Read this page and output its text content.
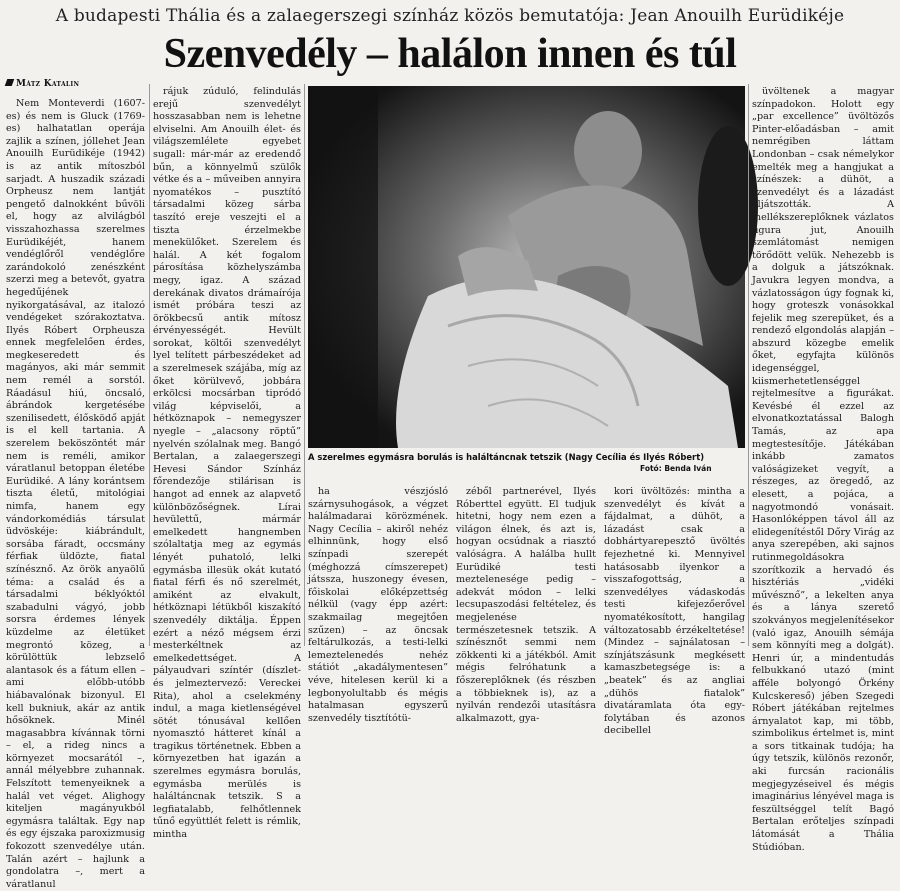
A budapesti Thália és a zalaegerszegi színház közös bemutatója: Jean Anouilh Eurüdikéje
Szenvedély – halálon innen és túl
Mátz Katalin

Nem Monteverdi (1607-es) és nem is Gluck (1769-es) halhatatlan operája zajlik a színen, jóllehet Jean Anouilh Eurüdikéje (1942) is az antik mítoszból sarjadt. A huszadik századi Orpheusz nem lantját pengető dalnokként bűvöli el, hogy az alvilágból visszahozhassa szerelmes Eurüdikéjét, hanem vendéglőről vendéglőre zarándokoló zenészként szerzi meg a betevőt, gyatra hegedűjének nyikorgatásával, az italozó vendégeket szórakoztatva. Ilyés Róbert Orpheusza ennek megfelelően érdes, megkeseredett és magányos, aki már semmit nem remél a sorstól. Ráadásul hiú, öncsaló, ábrándok kergetésébe szenilisedett, élősködő apját is el kell tartania. A szerelem beköszöntét már nem is reméli, amikor váratlanul betoppan életébe Eurüdiké. A lány korántsem tiszta életű, mitológiai nimfa, hanem egy vándorkomédiás társulat üdvöskéje: kiábrándult, sorsába fáradt, occsmány férfiak üldözte, fiatal színésznő. Az örök anyaölű téma: a család és a társadalmi béklyóktól szabadulni vágyó, jobb sorsra érdemes lények küzdelme az életüket megrontó közeg, a körülöttük lebzselő alantasok és a fátum ellen – ami előbb-utóbb hiábavalónak bizonyul. El kell bukniuk, akár az antik hősöknek. Minél magasabbra kívánnak törni – el, a rideg nincs a környezet mocsarától –, annál mélyebbre zuhannak. Felszított temenyeiknek a halál vet véget. Alighogy kiteljen magányukból egymásra találtak. Egy nap és egy éjszaka paroxizmusig fokozott szenvedélye után. Talán azért – hajlunk a gondolatra –, mert a váratlanul

rájuk zúduló, felindulás erejű szenvedélyt hosszasabban nem is lehetne elviselni. Am Anouilh élet- és világszemlélete egyebet sugall: már-már az eredendő bűn, a könnyelmű szülők vétke és a – műveiben annyira nyomatékos – pusztító társadalmi közeg sárba taszító ereje veszejti el a tiszta érzelmekbe menekülőket. Szerelem és halál. A két fogalom párosítása közhelyszámba megy, igaz. A század derekának divatos drámaírója ismét próbára teszi az örökbecsű antik mítosz érvényességét. Hevült sorokat, költői szenvedélyt lyel telített párbeszédeket ad a szerelmesek szájába, míg az őket körülvevő, jobbára erkölcsi mocsárban tipródó világ képviselői, a hétköznapok – nemegyszer nyegle – „alacsony röptű” nyelvén szólalnak meg. Bangó Bertalan, a zalaegerszegi Hevesi Sándor Színház főrendezője stilárisan is hangot ad ennek az alapvető különbözőségnek. Lírai hevülettű, mármár emelkedett hangnemben szólaltatja meg az egymás lényét puhatoló, lelki egymásba illesük okát kutató fiatal férfi és nő szerelmét, amiként az elvakult, hétköznapi létükből kiszakító szenvedély diktálja. Éppen ezért a néző mégsem érzi mesterkéltnek az emelkedettséget. A pályaudvari színtér (díszlet- és jelmeztervező: Vereckei Rita), ahol a cselekmény indul, a maga kietlenségével sötét tónusával kellően nyomasztó hátteret kínál a tragikus történetnek. Ebben a környezetben hat igazán a szerelmes egymásra borulás, egymásba merülés is haláltáncnak tetszik. S a legfiatalabb, felhőtlennek tűnő együttlét felett is rémlik, mintha

A szerelmes egymásra borulás is haláltáncnak tetszik (Nagy Cecília és Ilyés Róbert)
Fotó: Benda Iván

ha vészjósló szárnysuhogások, a végzet halálmadarai körözmének. Nagy Cecília – akiről nehéz elhinnünk, hogy első színpadi szerepét (méghozzá címszerepet) játssza, huszonegy évesen, főiskolai előképzettség nélkül (vagy épp azért: szakmailag megejtően szűzen) – az öncsak feltárulkozás, a testi-lelki lemeztelenedés nehéz státiót „akadálymentesen” véve, hitelesen kerül ki a legbonyolultabb és mégis hatalmasan egyszerű szenvedély tisztítótü-

zéből partnerével, Ilyés Róberttel együtt. El tudjuk hitetni, hogy nem ezen a világon élnek, és azt is, hogyan ocsúdnak a riasztó valóságra. A halálba hullt Eurüdiké testi meztelenesége pedig – adekvát módon – lelki lecsupaszodási feltételez, és megjelenése természetesnek tetszik. A színésznőt semmi nem zökkenti ki a játékból. Amit mégis felróhatunk a főszereplőknek (és részben a többieknek is), az a nyilván rendezői utasításra alkalmazott, gya-

kori üvöltözés: mintha a szenvedélyt és kívát a fájdalmat, a dühöt, a lázadást csak a dobhártyarepesztő üvöltés fejezhetné ki. Mennyivel hatásosabb ilyenkor a visszafogottság, a szenvedélyes vádaskodás testi kifejezőerővel nyomatékosított, hangilag változatosabb érzékeltetése! (Mindez – sajnálatosan – színjátszásunk megkésett kamaszbetegsége is: a „beatek” és az angliai „dühös fiatalok” divatáramlata óta egy-folytában és azonos decibellel

üvöltenek a magyar színpadokon. Holott egy „par excellence” üvöltözős Pinter-előadásban – amit nemrégiben láttam Londonban – csak némelykor emelték meg a hangjukat a színészek: a dühöt, a szenvedélyt és a lázadást eljátszották. A mellékszereplőknek vázlatos figura jut, Anouilh szemlátomást nemigen törődött velük. Nehezebb is a dolguk a játszóknak. Javukra legyen mondva, a vázlatosságon úgy fognak ki, hogy groteszk vonásokkal fejelik meg szerepüket, és a rendező elgondolás alapján – abszurd közegbe emelik őket, egyfajta különös idegenséggel, kiismerhetetlenséggel rejtelmesítve a figurákat. Kevésbé él ezzel az elvonatkoztatással Balogh Tamás, az apa megtestesítője. Játékában inkább zamatos valóságizeket vegyít, a részeges, az öregedő, az elesett, a pojáca, a nagyotmondó vonásait. Hasonlóképpen távol áll az elidegenítéstől Dőry Virág az anya szerepében, aki sajnos rutinmegoldásokra szorítkozik a hervadó és hisztériás „vidéki művésznő”, a lekelten anya és a lánya szerető szokványos megjelenítésekor (való igaz, Anouilh sémája sem könnyíti meg a dolgát). Henri úr, a mindentudás felbukkanó utazó (mint afféle bolyongó Örkény Kulcskereső) jében Szegedi Róbert játékában rejtelmes árnyalatot kap, mi több, szimbolikus értelmet is, mint a sors titkainak tudója; ha úgy tetszik, különös rezonőr, aki furcsán racionális megjegyzéseivel és mégis imaginárius lényével maga is feszültséggel telít Bagó Bertalan erőteljes színpadi látomását a Thália Stúdióban.
